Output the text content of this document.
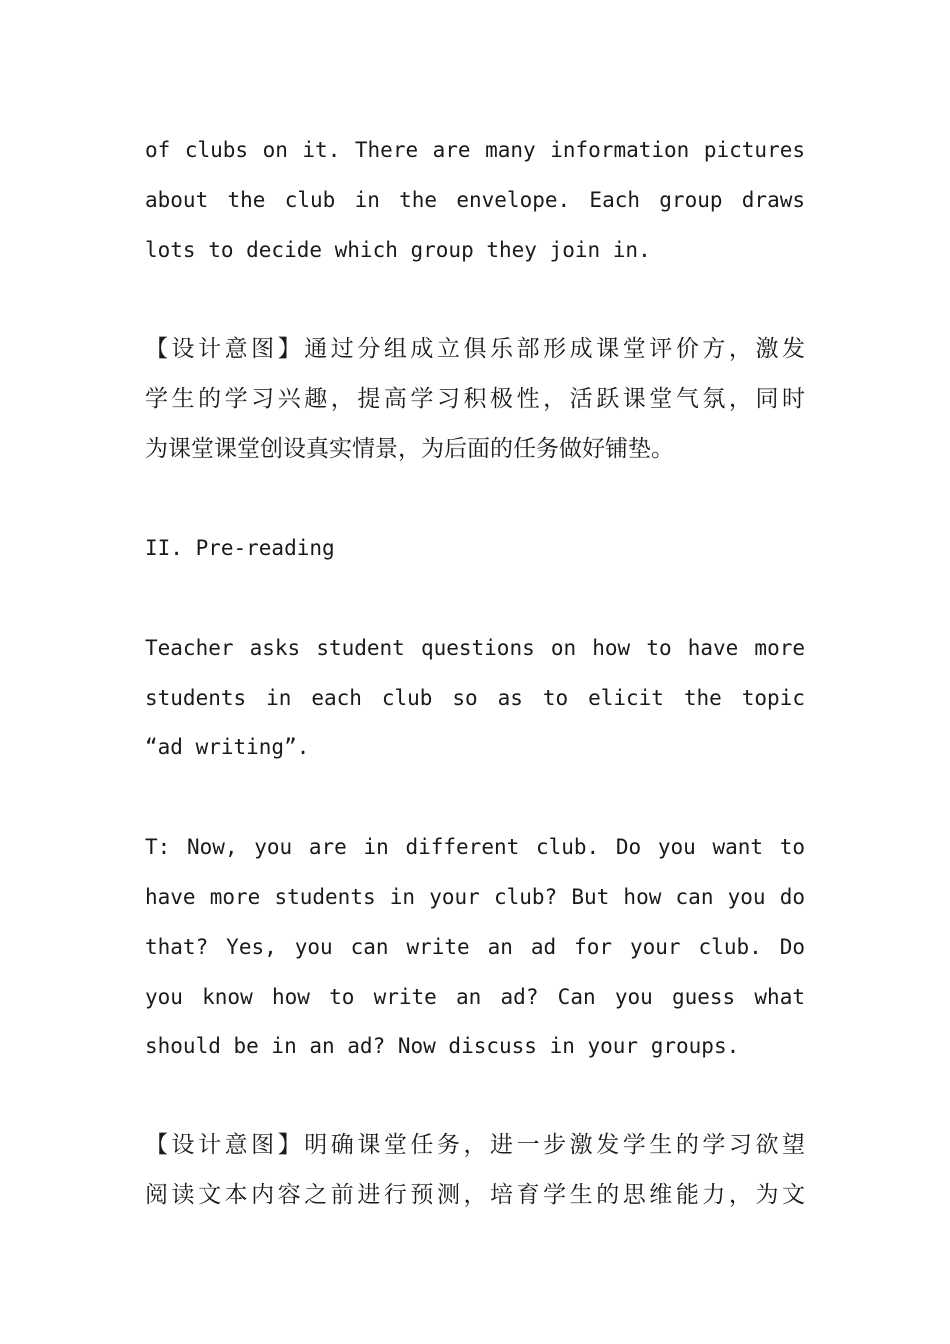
of clubs on it. There are many information pictures
about the club in the envelope. Each group draws
lots to decide which group they join in.
【设计意图】通过分组成立俱乐部形成课堂评价方，激发
学生的学习兴趣，提高学习积极性，活跃课堂气氛，同时
为课堂课堂创设真实情景，为后面的任务做好铺垫。
II. Pre-reading
Teacher asks student questions on how to have more
students in each club so as to elicit the topic
“ad writing”.
T: Now, you are in different club. Do you want to
have more students in your club? But how can you do
that? Yes, you can write an ad for your club. Do
you know how to write an ad? Can you guess what
should be in an ad? Now discuss in your groups.
【设计意图】明确课堂任务，进一步激发学生的学习欲望
阅读文本内容之前进行预测，培育学生的思维能力，为文
